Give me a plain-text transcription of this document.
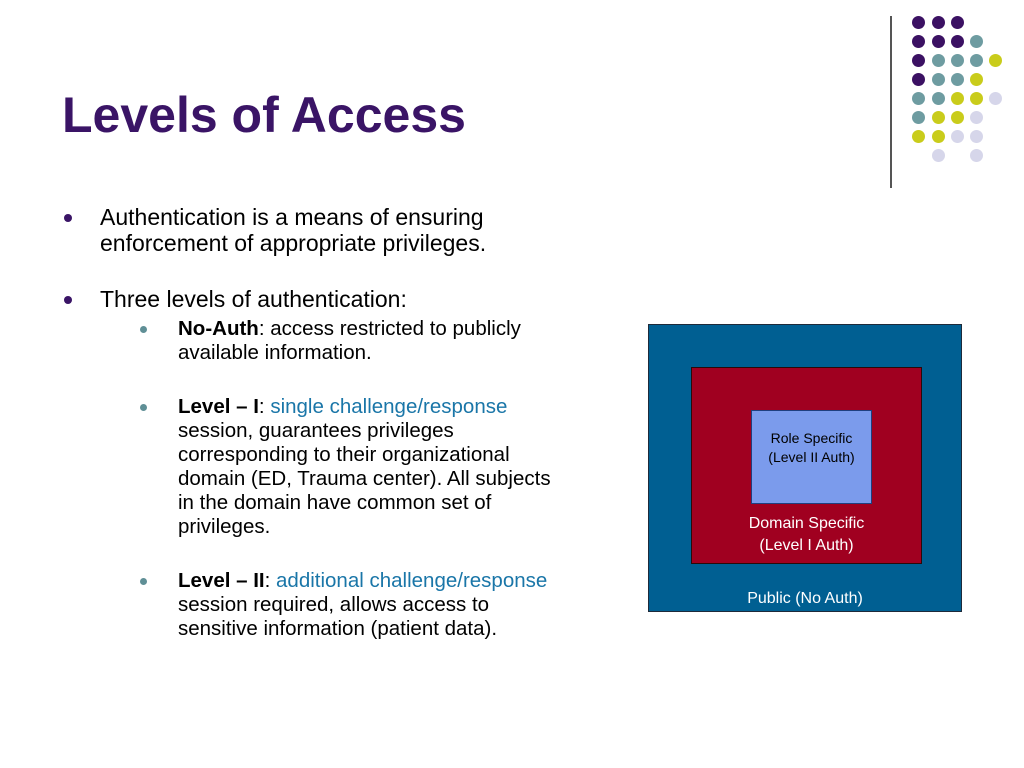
Levels of Access
Authentication is a means of ensuring
enforcement of appropriate privileges.
Three levels of authentication:
No-Auth: access restricted to publicly
available information.
Level – I: single challenge/response
session, guarantees privileges
corresponding to their organizational
domain (ED, Trauma center). All subjects
in the domain have common set of
privileges.
Level – II: additional challenge/response
session required, allows access to
sensitive information (patient data).
Role Specific
(Level II Auth)
Domain Specific
(Level I Auth)
Public (No Auth)
